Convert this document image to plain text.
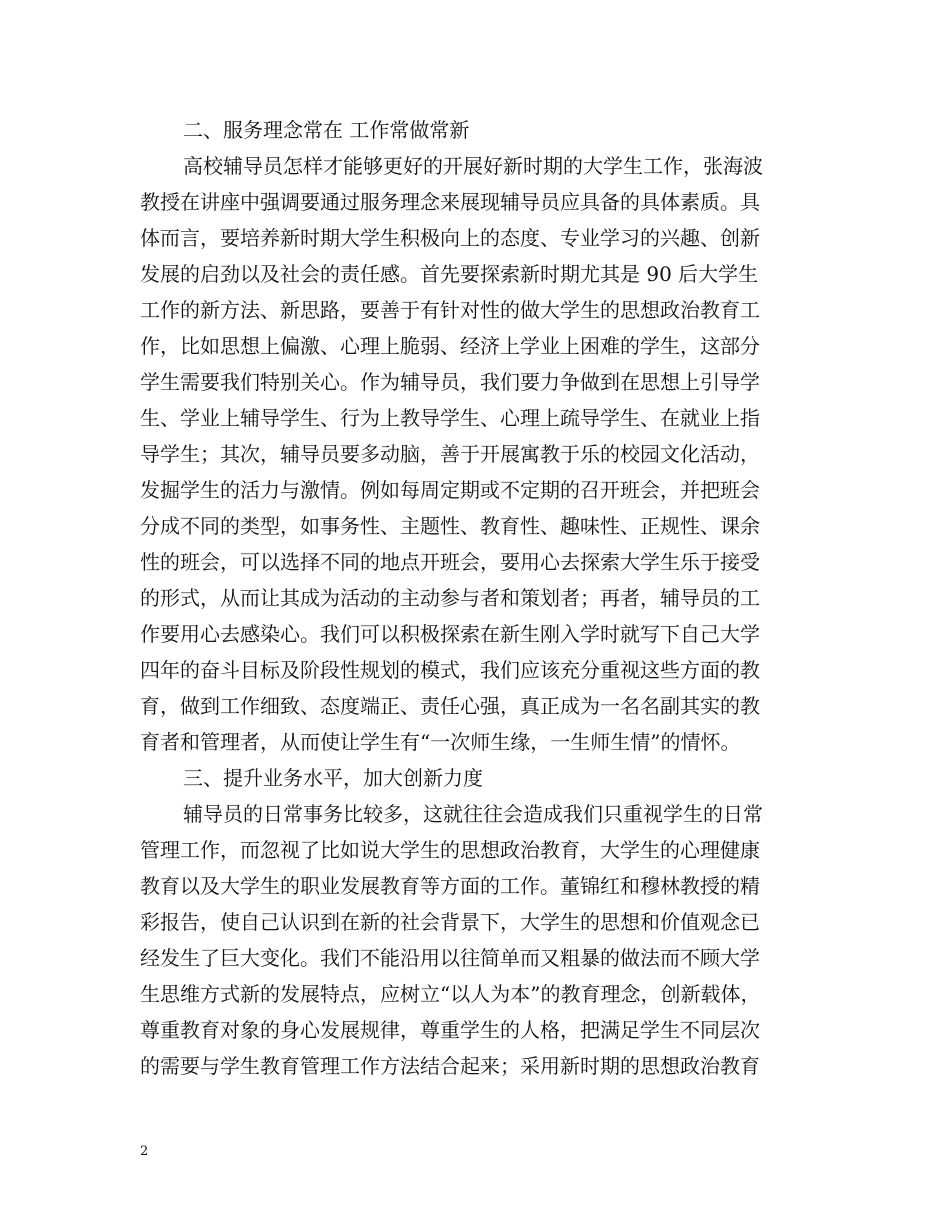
二、服务理念常在 工作常做常新
高校辅导员怎样才能够更好的开展好新时期的大学生工作，张海波
教授在讲座中强调要通过服务理念来展现辅导员应具备的具体素质。具
体而言，要培养新时期大学生积极向上的态度、专业学习的兴趣、创新
发展的启劲以及社会的责任感。首先要探索新时期尤其是 90 后大学生
工作的新方法、新思路，要善于有针对性的做大学生的思想政治教育工
作，比如思想上偏激、心理上脆弱、经济上学业上困难的学生，这部分
学生需要我们特别关心。作为辅导员，我们要力争做到在思想上引导学
生、学业上辅导学生、行为上教导学生、心理上疏导学生、在就业上指
导学生；其次，辅导员要多动脑，善于开展寓教于乐的校园文化活动，
发掘学生的活力与激情。例如每周定期或不定期的召开班会，并把班会
分成不同的类型，如事务性、主题性、教育性、趣味性、正规性、课余
性的班会，可以选择不同的地点开班会，要用心去探索大学生乐于接受
的形式，从而让其成为活动的主动参与者和策划者；再者，辅导员的工
作要用心去感染心。我们可以积极探索在新生刚入学时就写下自己大学
四年的奋斗目标及阶段性规划的模式，我们应该充分重视这些方面的教
育，做到工作细致、态度端正、责任心强，真正成为一名名副其实的教
育者和管理者，从而使让学生有“一次师生缘，一生师生情”的情怀。
三、提升业务水平，加大创新力度
辅导员的日常事务比较多，这就往往会造成我们只重视学生的日常
管理工作，而忽视了比如说大学生的思想政治教育，大学生的心理健康
教育以及大学生的职业发展教育等方面的工作。董锦红和穆林教授的精
彩报告，使自己认识到在新的社会背景下，大学生的思想和价值观念已
经发生了巨大变化。我们不能沿用以往简单而又粗暴的做法而不顾大学
生思维方式新的发展特点，应树立“以人为本”的教育理念，创新载体，
尊重教育对象的身心发展规律，尊重学生的人格，把满足学生不同层次
的需要与学生教育管理工作方法结合起来；采用新时期的思想政治教育
2
